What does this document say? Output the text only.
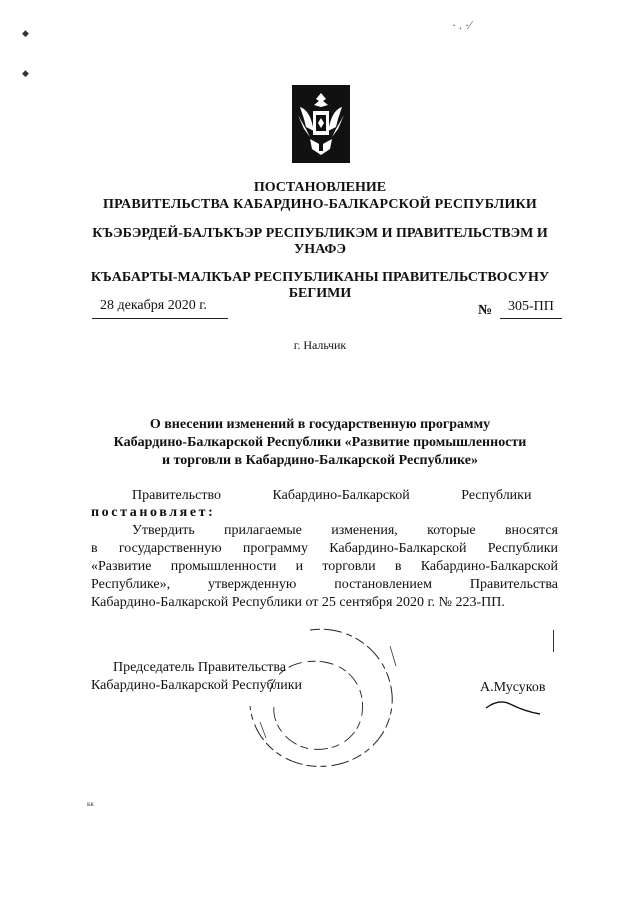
◆
◆
· . ·∕
ПОСТАНОВЛЕНИЕ
ПРАВИТЕЛЬСТВА КАБАРДИНО-БАЛКАРСКОЙ РЕСПУБЛИКИ
КЪЭБЭРДЕЙ-БАЛЪКЪЭР РЕСПУБЛИКЭМ И ПРАВИТЕЛЬСТВЭМ И
УНАФЭ
КЪАБАРТЫ-МАЛКЪАР РЕСПУБЛИКАНЫ ПРАВИТЕЛЬСТВОСУНУ
БЕГИМИ
28 декабря 2020 г.	№ 305-ПП
г. Нальчик
О внесении изменений в государственную программу
Кабардино-Балкарской Республики «Развитие промышленности
и торговли в Кабардино-Балкарской Республике»
Правительство Кабардино-Балкарской Республики
постановляет:
Утвердить прилагаемые изменения, которые вносятся
в государственную программу Кабардино-Балкарской Республики
«Развитие промышленности и торговли в Кабардино-Балкарской
Республике», утвержденную постановлением Правительства
Кабардино-Балкарской Республики от 25 сентября 2020 г. № 223-ПП.
Председатель Правительства
Кабардино-Балкарской Республики	А.Мусуков
кк
